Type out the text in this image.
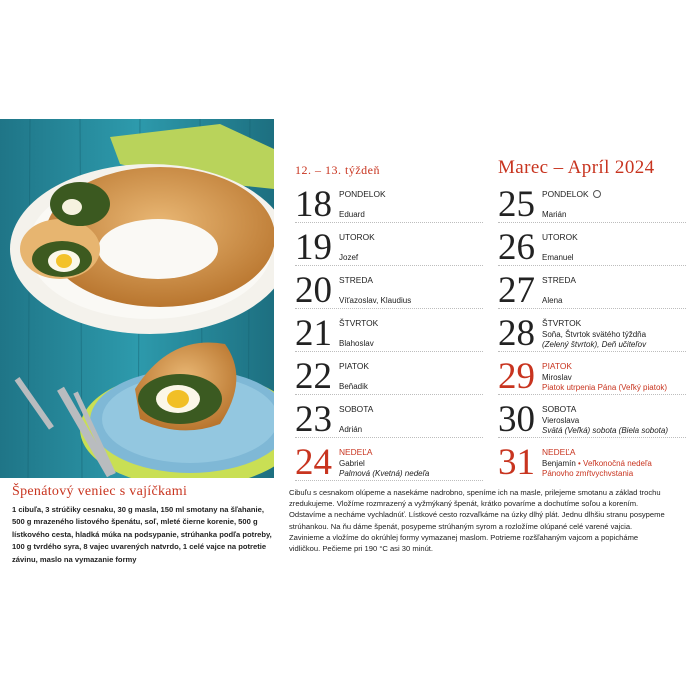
Špenátový veniec s vajíčkami
1 cibuľa, 3 strúčiky cesnaku, 30 g masla, 150 ml smotany na šľahanie, 500 g mrazeného listového špenátu, soľ, mleté čierne korenie, 500 g lístkového cesta, hladká múka na podsypanie, strúhanka podľa potreby, 100 g tvrdého syra, 8 vajec uvarených natvrdo, 1 celé vajce na potretie závinu, maslo na vymazanie formy
Cibuľu s cesnakom olúpeme a nasekáme nadrobno, speníme ich na masle, prilejeme smotanu a základ trochu zredukujeme. Vložíme rozmrazený a vyžmýkaný špenát, krátko povaríme a dochutíme soľou a korením. Odstavíme a necháme vychladnúť. Lístkové cesto rozvaľkáme na úzky dlhý plát. Jednu dlhšiu stranu posypeme strúhankou. Na ňu dáme špenát, posypeme strúhaným syrom a rozložíme olúpané celé varené vajcia. Zavinieme a vložíme do okrúhlej formy vymazanej maslom. Potrieme rozšľahaným vajcom a popicháme vidličkou. Pečieme pri 190 °C asi 30 minút.
12. – 13. týždeň	Marec – Apríl 2024
18 PONDELOK
Eduard
19 UTOROK
Jozef
20 STREDA
Víťazoslav, Klaudius
21 ŠTVRTOK
Blahoslav
22 PIATOK
Beňadik
23 SOBOTA
Adrián
24 NEDEĽA
Gabriel
Palmová (Kvetná) nedeľa
25 PONDELOK
Marián
26 UTOROK
Emanuel
27 STREDA
Alena
28 ŠTVRTOK
Soňa, Štvrtok svätého týždňa
(Zelený štvrtok), Deň učiteľov
29 PIATOK
Miroslav
Piatok utrpenia Pána (Veľký piatok)
30 SOBOTA
Vieroslava
Svätá (Veľká) sobota (Biela sobota)
31 NEDEĽA
Benjamín • Veľkonočná nedeľa
Pánovho zmŕtvychvstania
